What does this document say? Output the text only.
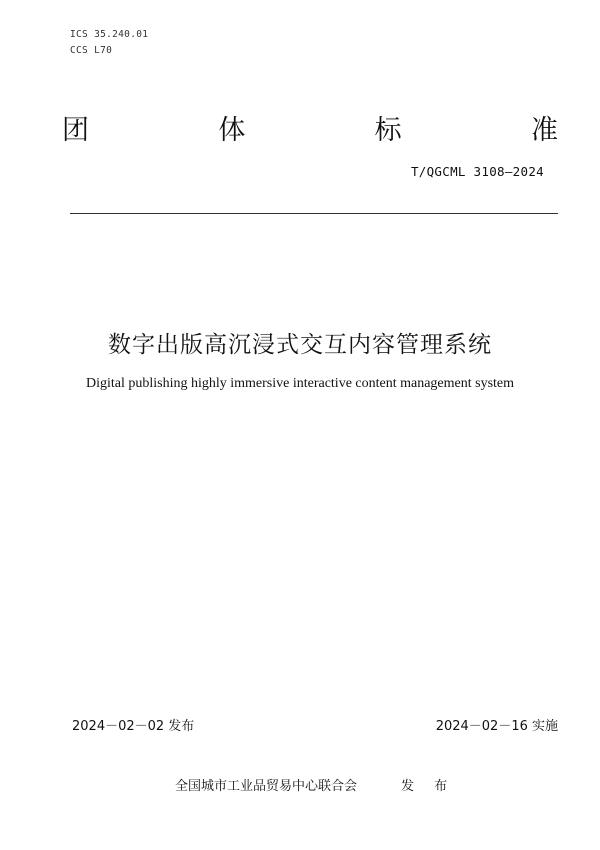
ICS 35.240.01
CCS L70
团	体	标	准
T/QGCML 3108—2024
数字出版高沉浸式交互内容管理系统
Digital publishing highly immersive interactive content management system
2024－02－02 发布	2024－02－16 实施
全国城市工业品贸易中心联合会	发 布
